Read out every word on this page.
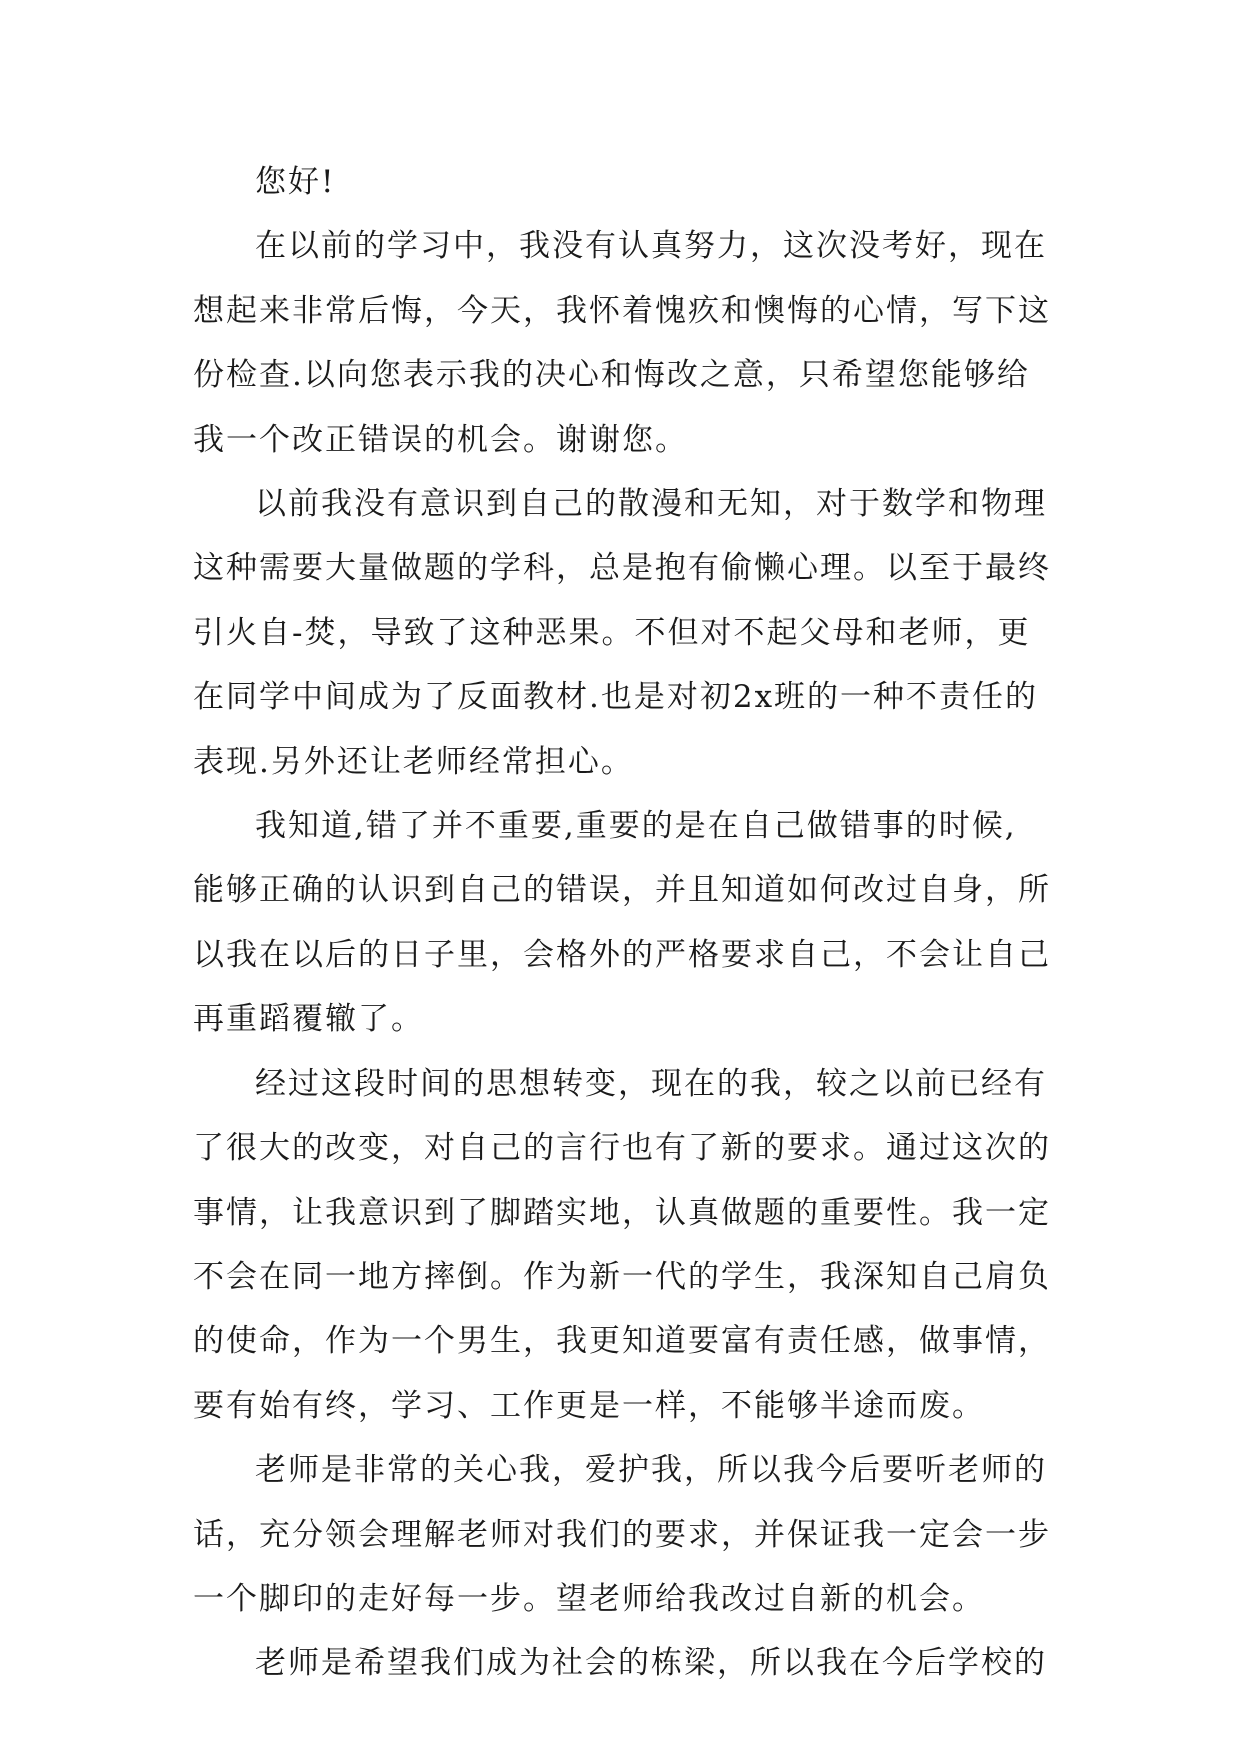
您好!

在以前的学习中，我没有认真努力，这次没考好，现在
想起来非常后悔，今天，我怀着愧疚和懊悔的心情，写下这
份检查.以向您表示我的决心和悔改之意，只希望您能够给
我一个改正错误的机会。谢谢您。

以前我没有意识到自己的散漫和无知，对于数学和物理
这种需要大量做题的学科，总是抱有偷懒心理。以至于最终
引火自-焚，导致了这种恶果。不但对不起父母和老师，更
在同学中间成为了反面教材.也是对初2x班的一种不责任的
表现.另外还让老师经常担心。

我知道,错了并不重要,重要的是在自己做错事的时候,
能够正确的认识到自己的错误，并且知道如何改过自身，所
以我在以后的日子里，会格外的严格要求自己，不会让自己
再重蹈覆辙了。

经过这段时间的思想转变，现在的我，较之以前已经有
了很大的改变，对自己的言行也有了新的要求。通过这次的
事情，让我意识到了脚踏实地，认真做题的重要性。我一定
不会在同一地方摔倒。作为新一代的学生，我深知自己肩负
的使命，作为一个男生，我更知道要富有责任感，做事情，
要有始有终，学习、工作更是一样，不能够半途而废。

老师是非常的关心我，爱护我，所以我今后要听老师的
话，充分领会理解老师对我们的要求，并保证我一定会一步
一个脚印的走好每一步。望老师给我改过自新的机会。

老师是希望我们成为社会的栋梁，所以我在今后学校的
